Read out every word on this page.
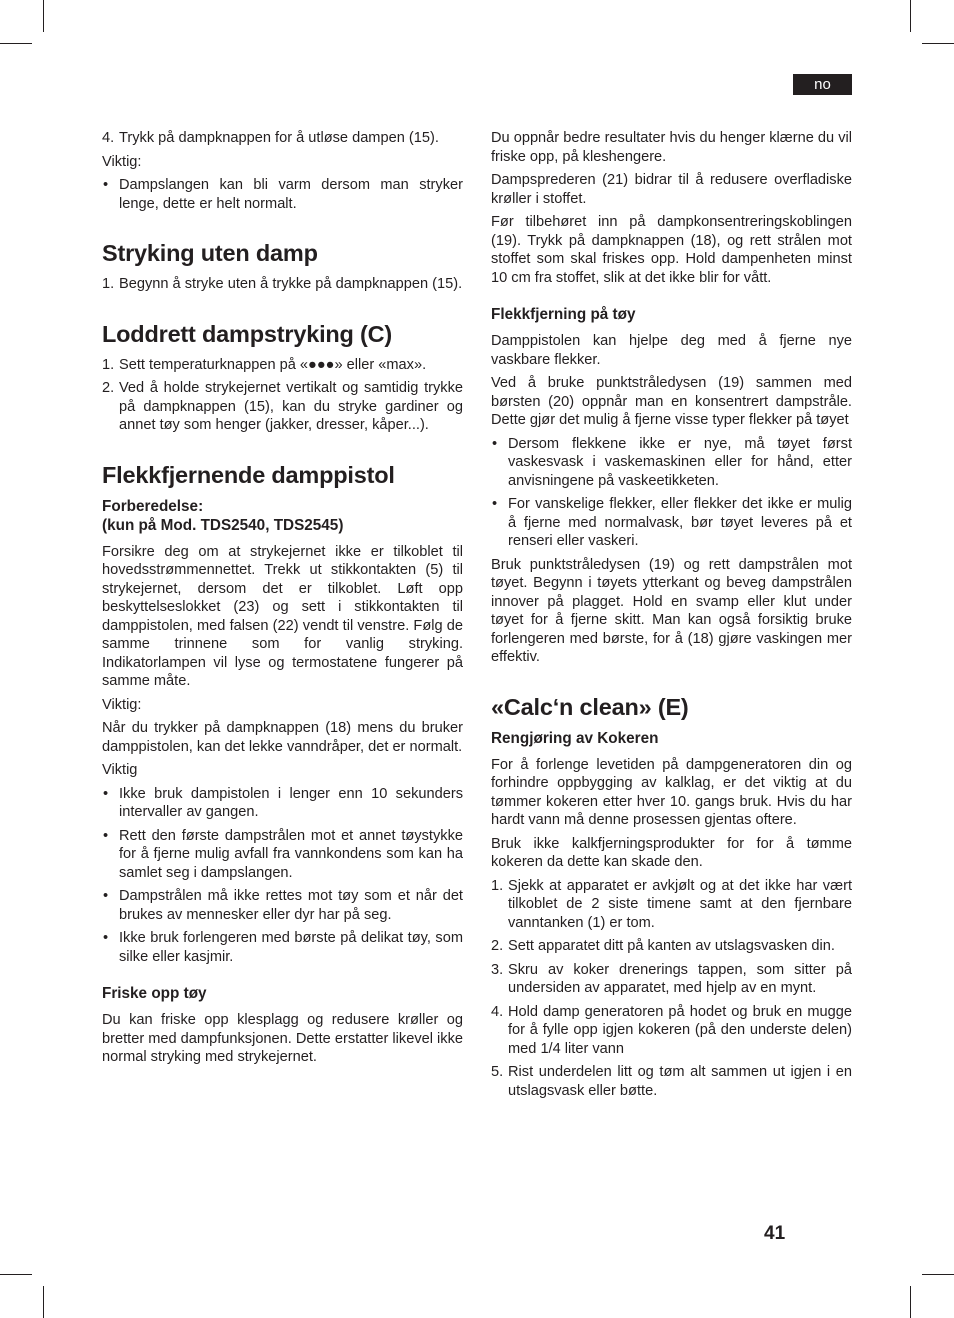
no
4. Trykk på dampknappen for å utløse dampen (15).
Viktig:
• Dampslangen kan bli varm dersom man stryker lenge, dette er helt normalt.
Stryking uten damp
1. Begynn å stryke uten å trykke på dampknappen (15).
Loddrett dampstryking (C)
1. Sett temperaturknappen på «●●●» eller «max».
2. Ved å holde strykejernet vertikalt og samtidig trykke på dampknappen (15), kan du stryke gardiner og annet tøy som henger (jakker, dresser, kåper...).
Flekkfjernende damppistol
Forberedelse:
(kun på Mod. TDS2540, TDS2545)

Forsikre deg om at strykejernet ikke er tilkoblet til hovedsstrømmennettet. Trekk ut stikkontakten (5) til strykejernet, dersom det er tilkoblet. Løft opp beskyttelseslokket (23) og sett i stikkontakten til damppistolen, med falsen (22) vendt til venstre. Følg de samme trinnene som for vanlig stryking. Indikatorlampen vil lyse og termostatene fungerer på samme måte.

Viktig:

Når du trykker på dampknappen (18) mens du bruker damppistolen, kan det lekke vanndråper, det er normalt.

Viktig
• Ikke bruk dampistolen i lenger enn 10 sekunders intervaller av gangen.
• Rett den første dampstrålen mot et annet tøystykke for å fjerne mulig avfall fra vannkondens som kan ha samlet seg i dampslangen.
• Dampstrålen må ikke rettes mot tøy som et når det brukes av mennesker eller dyr har på seg.
• Ikke bruk forlengeren med børste på delikat tøy, som silke eller kasjmir.
Friske opp tøy

Du kan friske opp klesplagg og redusere krøller og bretter med dampfunksjonen. Dette erstatter likevel ikke normal stryking med strykejernet.

Du oppnår bedre resultater hvis du henger klærne du vil friske opp, på kleshengere.

Dampsprederen (21) bidrar til å redusere overfladiske krøller i stoffet.

Før tilbehøret inn på dampkonsentreringskoblingen (19). Trykk på dampknappen (18), og rett strålen mot stoffet som skal friskes opp. Hold dampenheten minst 10 cm fra stoffet, slik at det ikke blir for vått.

Flekkfjerning på tøy

Damppistolen kan hjelpe deg med å fjerne nye vaskbare flekker.

Ved å bruke punktstråledysen (19) sammen med børsten (20) oppnår man en konsentrert dampstråle. Dette gjør det mulig å fjerne visse typer flekker på tøyet

• Dersom flekkene ikke er nye, må tøyet først vaskesvask i vaskemaskinen eller for hånd, etter anvisningene på vaskeetikketen.
• For vanskelige flekker, eller flekker det ikke er mulig å fjerne med normalvask, bør tøyet leveres på et renseri eller vaskeri.

Bruk punktstråledysen (19) og rett dampstrålen mot tøyet. Begynn i tøyets ytterkant og beveg dampstrålen innover på plagget. Hold en svamp eller klut under tøyet for å fjerne skitt. Man kan også forsiktig bruke forlengeren med børste, for å (18) gjøre vaskingen mer effektiv.

«Calc‘n clean» (E)
Rengjøring av Kokeren

For å forlenge levetiden på dampgeneratoren din og forhindre oppbygging av kalklag, er det viktig at du tømmer kokeren etter hver 10. gangs bruk. Hvis du har hardt vann må denne prosessen gjentas oftere.

Bruk ikke kalkfjerningsprodukter for for å tømme kokeren da dette kan skade den.

1. Sjekk at apparatet er avkjølt og at det ikke har vært tilkoblet de 2 siste timene samt at den fjernbare vanntanken (1) er tom.
2. Sett apparatet ditt på kanten av utslagsvasken din.
3. Skru av koker drenerings tappen, som sitter på undersiden av apparatet, med hjelp av en mynt.
4. Hold damp generatoren på hodet og bruk en mugge for å fylle opp igjen kokeren (på den underste delen) med 1/4 liter vann
5. Rist underdelen litt og tøm alt sammen ut igjen i en utslagsvask eller bøtte.
41
